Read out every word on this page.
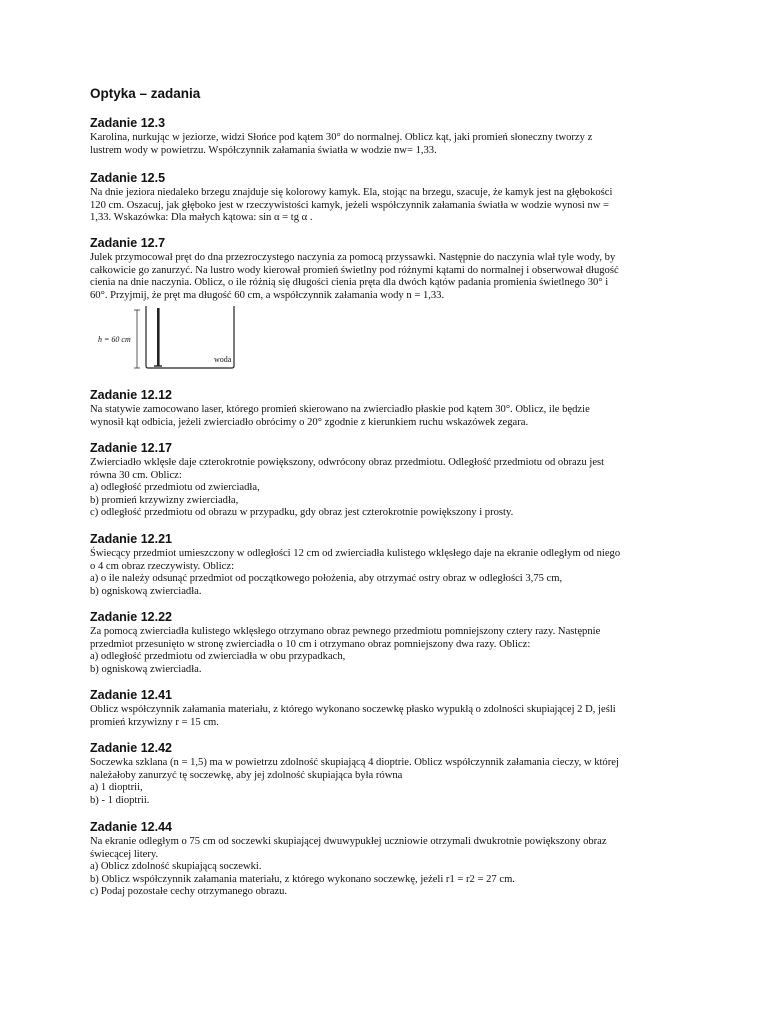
Optyka – zadania
Zadanie 12.3

Karolina, nurkując w jeziorze, widzi Słońce pod kątem 30° do normalnej. Oblicz kąt, jaki promień słoneczny tworzy z
lustrem wody w powietrzu. Współczynnik załamania światła w wodzie nw= 1,33.

Zadanie 12.5

Na dnie jeziora niedaleko brzegu znajduje się kolorowy kamyk. Ela, stojąc na brzegu, szacuje, że kamyk jest na głębokości
120 cm. Oszacuj, jak głęboko jest w rzeczywistości kamyk, jeżeli współczynnik załamania światła w wodzie wynosi nw =
1,33. Wskazówka: Dla małych kątowa: sin α = tg α .

Zadanie 12.7

Julek przymocował pręt do dna przezroczystego naczynia za pomocą przyssawki. Następnie do naczynia wlał tyle wody, by
całkowicie go zanurzyć. Na lustro wody kierował promień świetlny pod różnymi kątami do normalnej i obserwował długość
cienia na dnie naczynia. Oblicz, o ile różnią się długości cienia pręta dla dwóch kątów padania promienia świetlnego 30° i
60°. Przyjmij, że pręt ma długość 60 cm, a współczynnik załamania wody n = 1,33.

h = 60 cm
woda
Zadanie 12.12

Na statywie zamocowano laser, którego promień skierowano na zwierciadło płaskie pod kątem 30°. Oblicz, ile będzie
wynosił kąt odbicia, jeżeli zwierciadło obrócimy o 20° zgodnie z kierunkiem ruchu wskazówek zegara.

Zadanie 12.17

Zwierciadło wklęsłe daje czterokrotnie powiększony, odwrócony obraz przedmiotu. Odległość przedmiotu od obrazu jest
równa 30 cm. Oblicz:
a) odległość przedmiotu od zwierciadła,
b) promień krzywizny zwierciadła,
c) odległość przedmiotu od obrazu w przypadku, gdy obraz jest czterokrotnie powiększony i prosty.

Zadanie 12.21

Świecący przedmiot umieszczony w odległości 12 cm od zwierciadła kulistego wklęsłego daje na ekranie odległym od niego
o 4 cm obraz rzeczywisty. Oblicz:
a) o ile należy odsunąć przedmiot od początkowego położenia, aby otrzymać ostry obraz w odległości 3,75 cm,
b) ogniskową zwierciadła.

Zadanie 12.22

Za pomocą zwierciadła kulistego wklęsłego otrzymano obraz pewnego przedmiotu pomniejszony cztery razy. Następnie
przedmiot przesunięto w stronę zwierciadła o 10 cm i otrzymano obraz pomniejszony dwa razy. Oblicz:
a) odległość przedmiotu od zwierciadła w obu przypadkach,
b) ogniskową zwierciadła.

Zadanie 12.41

Oblicz współczynnik załamania materiału, z którego wykonano soczewkę płasko wypukłą o zdolności skupiającej 2 D, jeśli
promień krzywizny r = 15 cm.

Zadanie 12.42

Soczewka szklana (n = 1,5) ma w powietrzu zdolność skupiającą 4 dioptrie. Oblicz współczynnik załamania cieczy, w której
należałoby zanurzyć tę soczewkę, aby jej zdolność skupiająca była równa
a) 1 dioptrii,
b) - 1 dioptrii.

Zadanie 12.44

Na ekranie odległym o 75 cm od soczewki skupiającej dwuwypukłej uczniowie otrzymali dwukrotnie powiększony obraz
świecącej litery.
a) Oblicz zdolność skupiającą soczewki.
b) Oblicz współczynnik załamania materiału, z którego wykonano soczewkę, jeżeli r1 = r2 = 27 cm.
c) Podaj pozostałe cechy otrzymanego obrazu.
